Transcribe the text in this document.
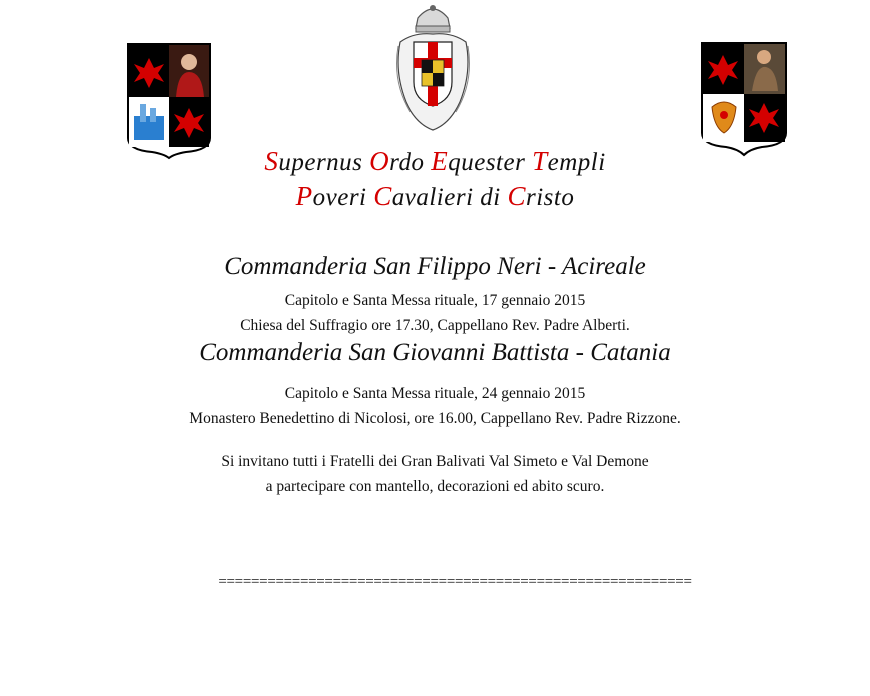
Supernus Ordo Equester Templi
Poveri Cavalieri di Cristo
Commanderia San Filippo Neri - Acireale
Capitolo e Santa Messa rituale, 17 gennaio 2015
Chiesa del Suffragio ore 17.30, Cappellano Rev. Padre Alberti.
Commanderia San Giovanni Battista - Catania
Capitolo e Santa Messa rituale, 24 gennaio 2015
Monastero Benedettino di Nicolosi, ore 16.00, Cappellano Rev. Padre Rizzone.
Si invitano tutti i Fratelli dei Gran Balivati Val Simeto e Val Demone
a partecipare con mantello, decorazioni ed abito scuro.
==========================================================
